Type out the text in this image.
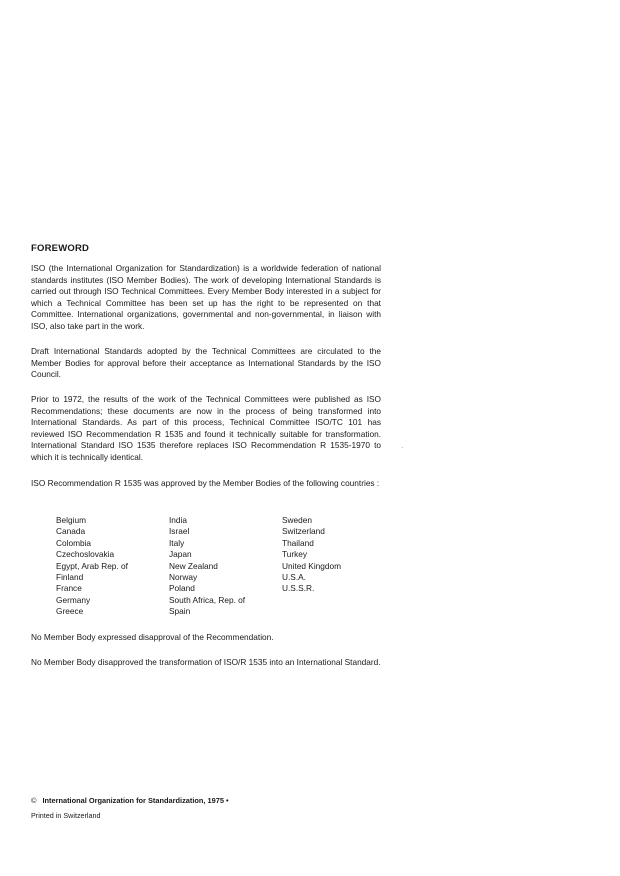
FOREWORD

ISO (the International Organization for Standardization) is a worldwide federation of national standards institutes (ISO Member Bodies). The work of developing International Standards is carried out through ISO Technical Committees. Every Member Body interested in a subject for which a Technical Committee has been set up has the right to be represented on that Committee. International organizations, governmental and non-governmental, in liaison with ISO, also take part in the work.

Draft International Standards adopted by the Technical Committees are circulated to the Member Bodies for approval before their acceptance as International Standards by the ISO Council.

Prior to 1972, the results of the work of the Technical Committees were published as ISO Recommendations; these documents are now in the process of being transformed into International Standards. As part of this process, Technical Committee ISO/TC 101 has reviewed ISO Recommendation R 1535 and found it technically suitable for transformation. International Standard ISO 1535 therefore replaces ISO Recommendation R 1535-1970 to which it is technically identical.

ISO Recommendation R 1535 was approved by the Member Bodies of the following countries :

Belgium
Canada
Colombia
Czechoslovakia
Egypt, Arab Rep. of
Finland
France
Germany
Greece
India
Israel
Italy
Japan
New Zealand
Norway
Poland
South Africa, Rep. of
Spain
Sweden
Switzerland
Thailand
Turkey
United Kingdom
U.S.A.
U.S.S.R.

No Member Body expressed disapproval of the Recommendation.

No Member Body disapproved the transformation of ISO/R 1535 into an International Standard.

© International Organization for Standardization, 1975 •
Printed in Switzerland
